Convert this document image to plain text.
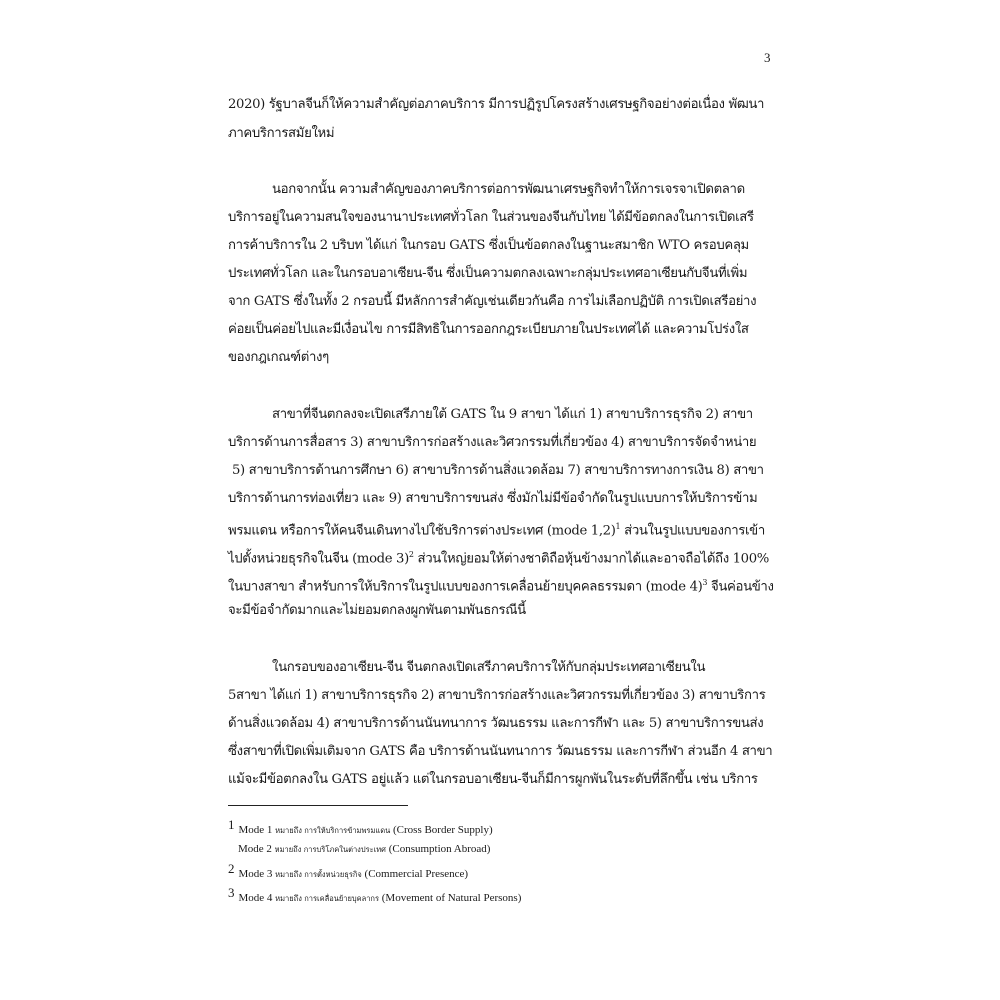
3
2020) รัฐบาลจีนก็ให้ความสำคัญต่อภาคบริการ มีการปฏิรูปโครงสร้างเศรษฐกิจอย่างต่อเนื่อง พัฒนา
ภาคบริการสมัยใหม่
นอกจากนั้น ความสำคัญของภาคบริการต่อการพัฒนาเศรษฐกิจทำให้การเจรจาเปิดตลาด
บริการอยู่ในความสนใจของนานาประเทศทั่วโลก ในส่วนของจีนกับไทย ได้มีข้อตกลงในการเปิดเสรี
การค้าบริการใน 2 บริบท ได้แก่ ในกรอบ GATS ซึ่งเป็นข้อตกลงในฐานะสมาชิก WTO ครอบคลุม
ประเทศทั่วโลก และในกรอบอาเซียน-จีน ซึ่งเป็นความตกลงเฉพาะกลุ่มประเทศอาเซียนกับจีนที่เพิ่ม
จาก GATS ซึ่งในทั้ง 2 กรอบนี้ มีหลักการสำคัญเช่นเดียวกันคือ การไม่เลือกปฏิบัติ การเปิดเสรีอย่าง
ค่อยเป็นค่อยไปและมีเงื่อนไข การมีสิทธิในการออกกฎระเบียบภายในประเทศได้ และความโปร่งใส
ของกฎเกณฑ์ต่างๆ
สาขาที่จีนตกลงจะเปิดเสรีภายใต้ GATS ใน 9 สาขา ได้แก่ 1) สาขาบริการธุรกิจ 2) สาขา
บริการด้านการสื่อสาร 3) สาขาบริการก่อสร้างและวิศวกรรมที่เกี่ยวข้อง 4) สาขาบริการจัดจำหน่าย
5) สาขาบริการด้านการศึกษา 6) สาขาบริการด้านสิ่งแวดล้อม 7) สาขาบริการทางการเงิน 8) สาขา
บริการด้านการท่องเที่ยว และ 9) สาขาบริการขนส่ง ซึ่งมักไม่มีข้อจำกัดในรูปแบบการให้บริการข้าม
พรมแดน หรือการให้คนจีนเดินทางไปใช้บริการต่างประเทศ (mode 1,2)$^1$ ส่วนในรูปแบบของการเข้า
ไปตั้งหน่วยธุรกิจในจีน (mode 3)$^2$ ส่วนใหญ่ยอมให้ต่างชาติถือหุ้นข้างมากได้และอาจถือได้ถึง 100%
ในบางสาขา สำหรับการให้บริการในรูปแบบของการเคลื่อนย้ายบุคคลธรรมดา (mode 4)$^3$ จีนค่อนข้าง
จะมีข้อจำกัดมากและไม่ยอมตกลงผูกพันตามพันธกรณีนี้
ในกรอบของอาเซียน-จีน จีนตกลงเปิดเสรีภาคบริการให้กับกลุ่มประเทศอาเซียนใน
5สาขา ได้แก่ 1) สาขาบริการธุรกิจ 2) สาขาบริการก่อสร้างและวิศวกรรมที่เกี่ยวข้อง 3) สาขาบริการ
ด้านสิ่งแวดล้อม 4) สาขาบริการด้านนันทนาการ วัฒนธรรม และการกีฬา และ 5) สาขาบริการขนส่ง
ซึ่งสาขาที่เปิดเพิ่มเติมจาก GATS คือ บริการด้านนันทนาการ วัฒนธรรม และการกีฬา ส่วนอีก 4 สาขา
แม้จะมีข้อตกลงใน GATS อยู่แล้ว แต่ในกรอบอาเซียน-จีนก็มีการผูกพันในระดับที่ลึกขึ้น เช่น บริการ
1 Mode 1 หมายถึง การให้บริการข้ามพรมแดน (Cross Border Supply)
Mode 2 หมายถึง การบริโภคในต่างประเทศ (Consumption Abroad)
2 Mode 3 หมายถึง การตั้งหน่วยธุรกิจ (Commercial Presence)
3 Mode 4 หมายถึง การเคลื่อนย้ายบุคลากร (Movement of Natural Persons)
